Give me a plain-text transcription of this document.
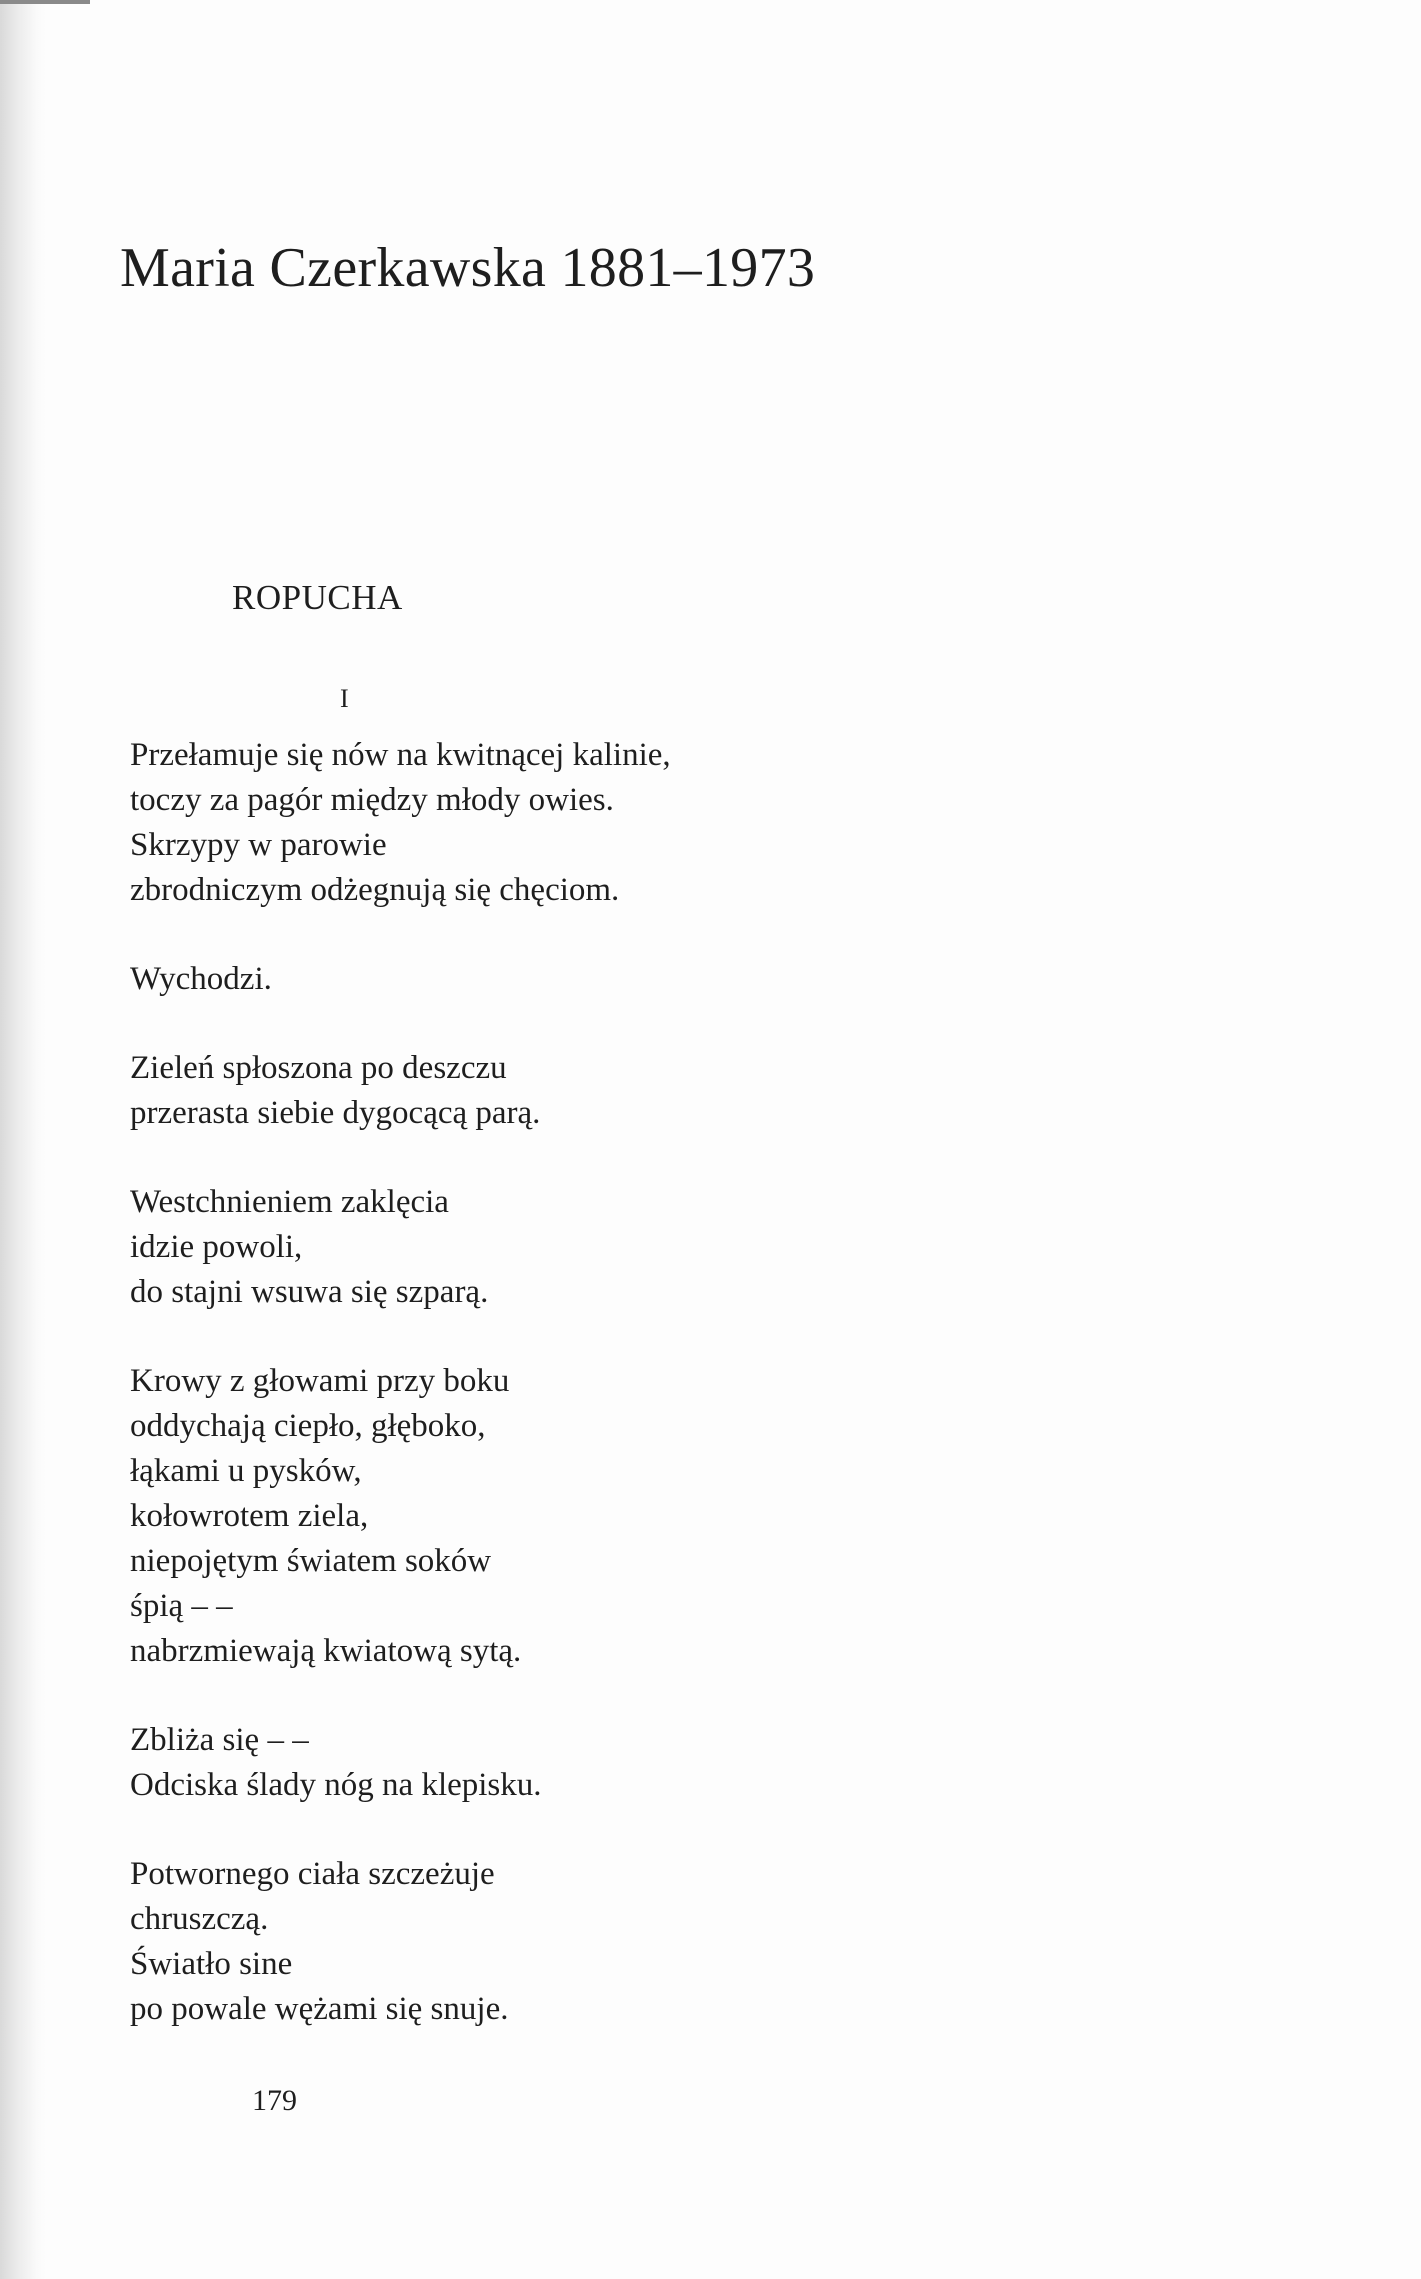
Maria Czerkawska 1881–1973
ROPUCHA
I
Przełamuje się nów na kwitnącej kalinie,
toczy za pagór między młody owies.
Skrzypy w parowie
zbrodniczym odżegnują się chęciom.
Wychodzi.
Zieleń spłoszona po deszczu
przerasta siebie dygocącą parą.
Westchnieniem zaklęcia
idzie powoli,
do stajni wsuwa się szparą.
Krowy z głowami przy boku
oddychają ciepło, głęboko,
łąkami u pysków,
kołowrotem ziela,
niepojętym światem soków
śpią – –
nabrzmiewają kwiatową sytą.
Zbliża się – –
Odciska ślady nóg na klepisku.
Potwornego ciała szczeżuje
chruszczą.
Światło sine
po powale wężami się snuje.
179
